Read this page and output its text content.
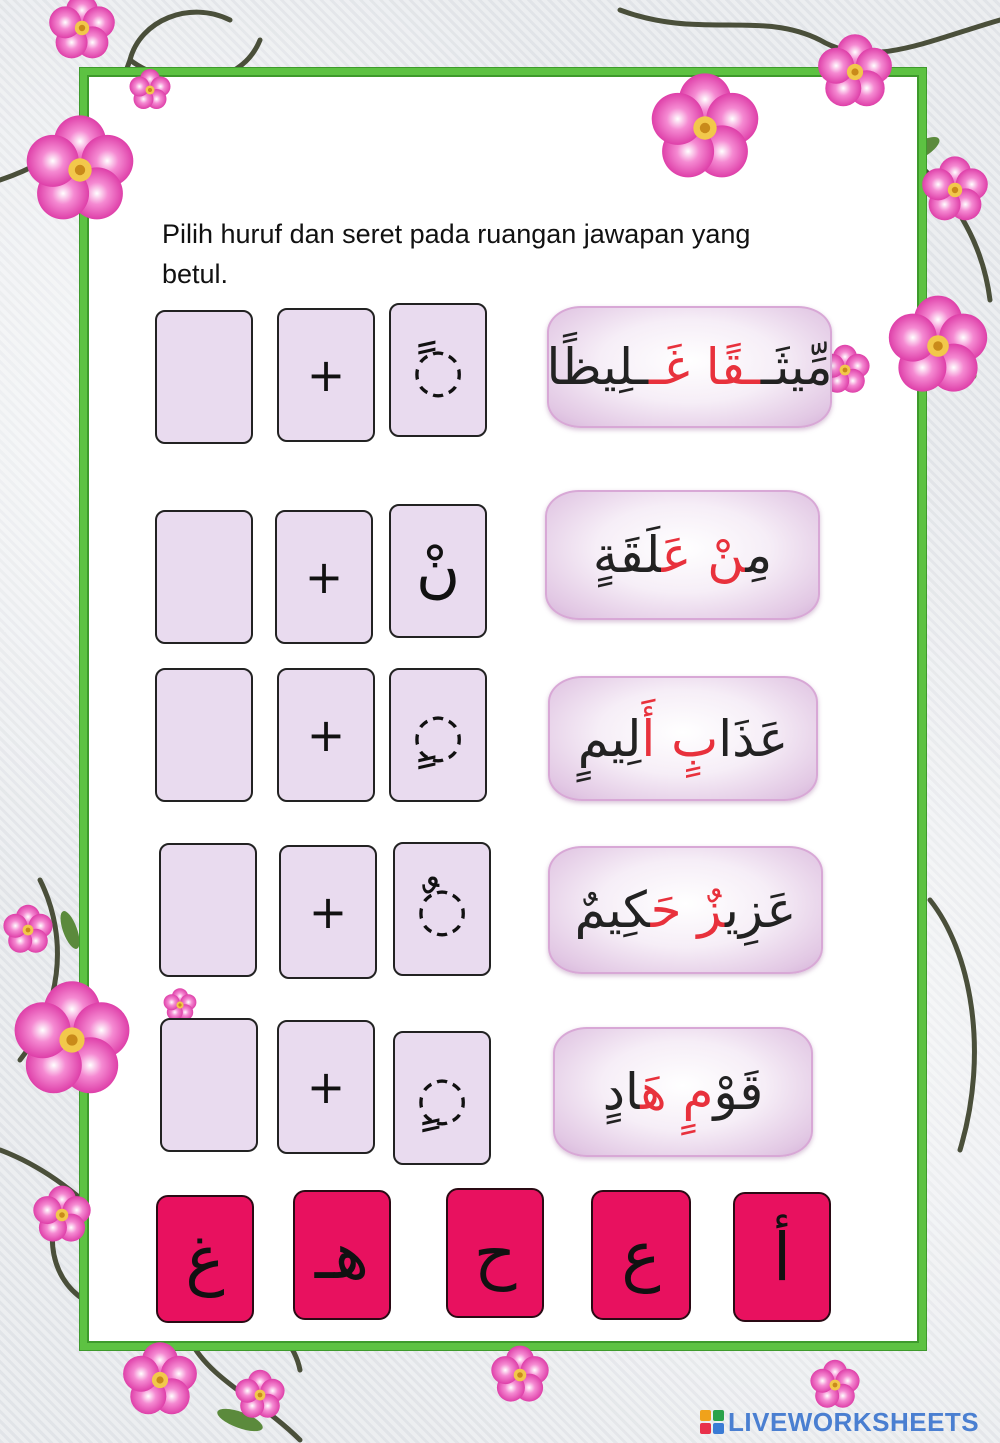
Pilih huruf dan seret pada ruangan jawapan yang betul.
+ ◌ً	مِّيثَــقًا غَــلِيظًا
+ نْ	مِنْ عَلَقَةٍ
+ ◌ٍ	عَذَابٍ أَلِيمٍ
+ ◌ٌ	عَزِيزٌ حَكِيمٌ
+ ◌ٍ	قَوْمٍ هَادٍ
غ	هـ	ح	ع	أ
LIVEWORKSHEETS
